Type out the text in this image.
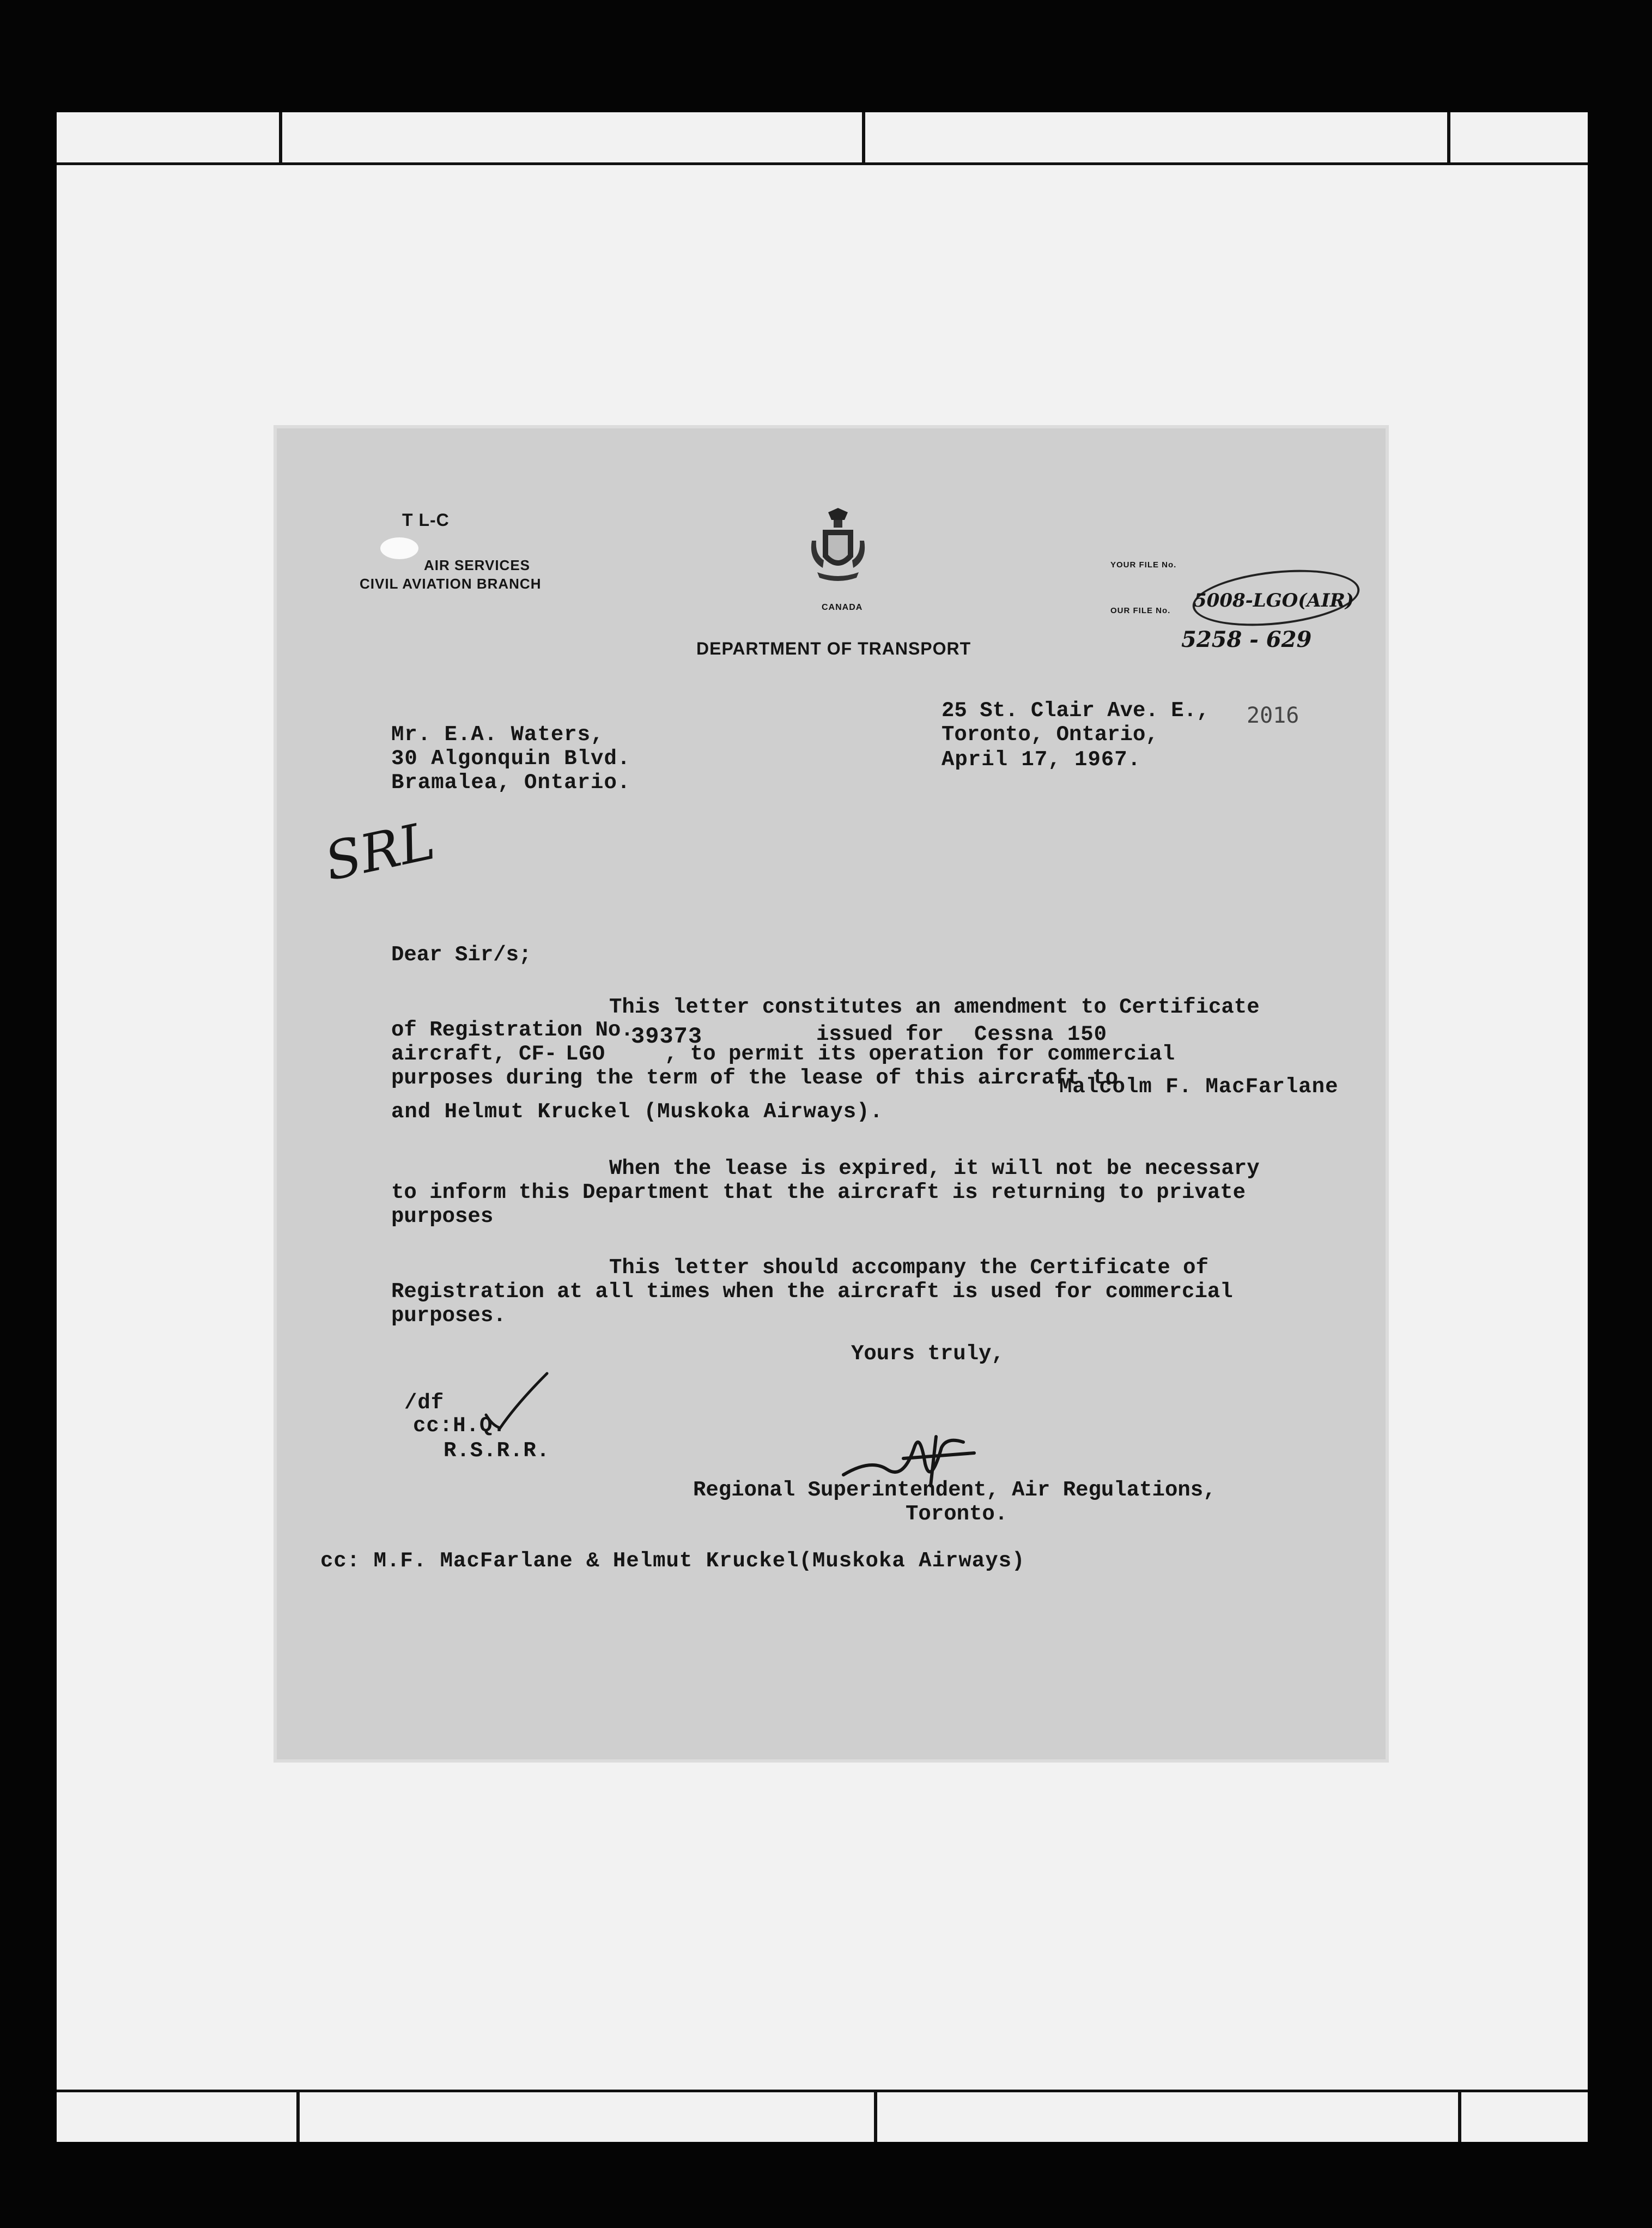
T L-C
AIR SERVICES
CIVIL AVIATION BRANCH
CANADA
DEPARTMENT OF TRANSPORT
YOUR FILE No.
OUR FILE No. 5008-LGO(AIR)
5258 - 629
25 St. Clair Ave. E.,
Toronto, Ontario,
April 17, 1967.
2016
Mr. E.A. Waters,
30 Algonquin Blvd.
Bramalea, Ontario.
SRL
Dear Sir/s;
This letter constitutes an amendment to Certificate
of Registration No.
39373	issued for Cessna 150
aircraft, CF- LGO	, to permit its operation for commercial
purposes during the term of the lease of this aircraft to
Malcolm F. MacFarlane
and Helmut Kruckel (Muskoka Airways).
When the lease is expired, it will not be necessary
to inform this Department that the aircraft is returning to private
purposes
This letter should accompany the Certificate of
Registration at all times when the aircraft is used for commercial
purposes.
Yours truly,
/df
cc:H.Q.
R.S.R.R.
Regional Superintendent, Air Regulations,
Toronto.
cc: M.F. MacFarlane & Helmut Kruckel(Muskoka Airways)
